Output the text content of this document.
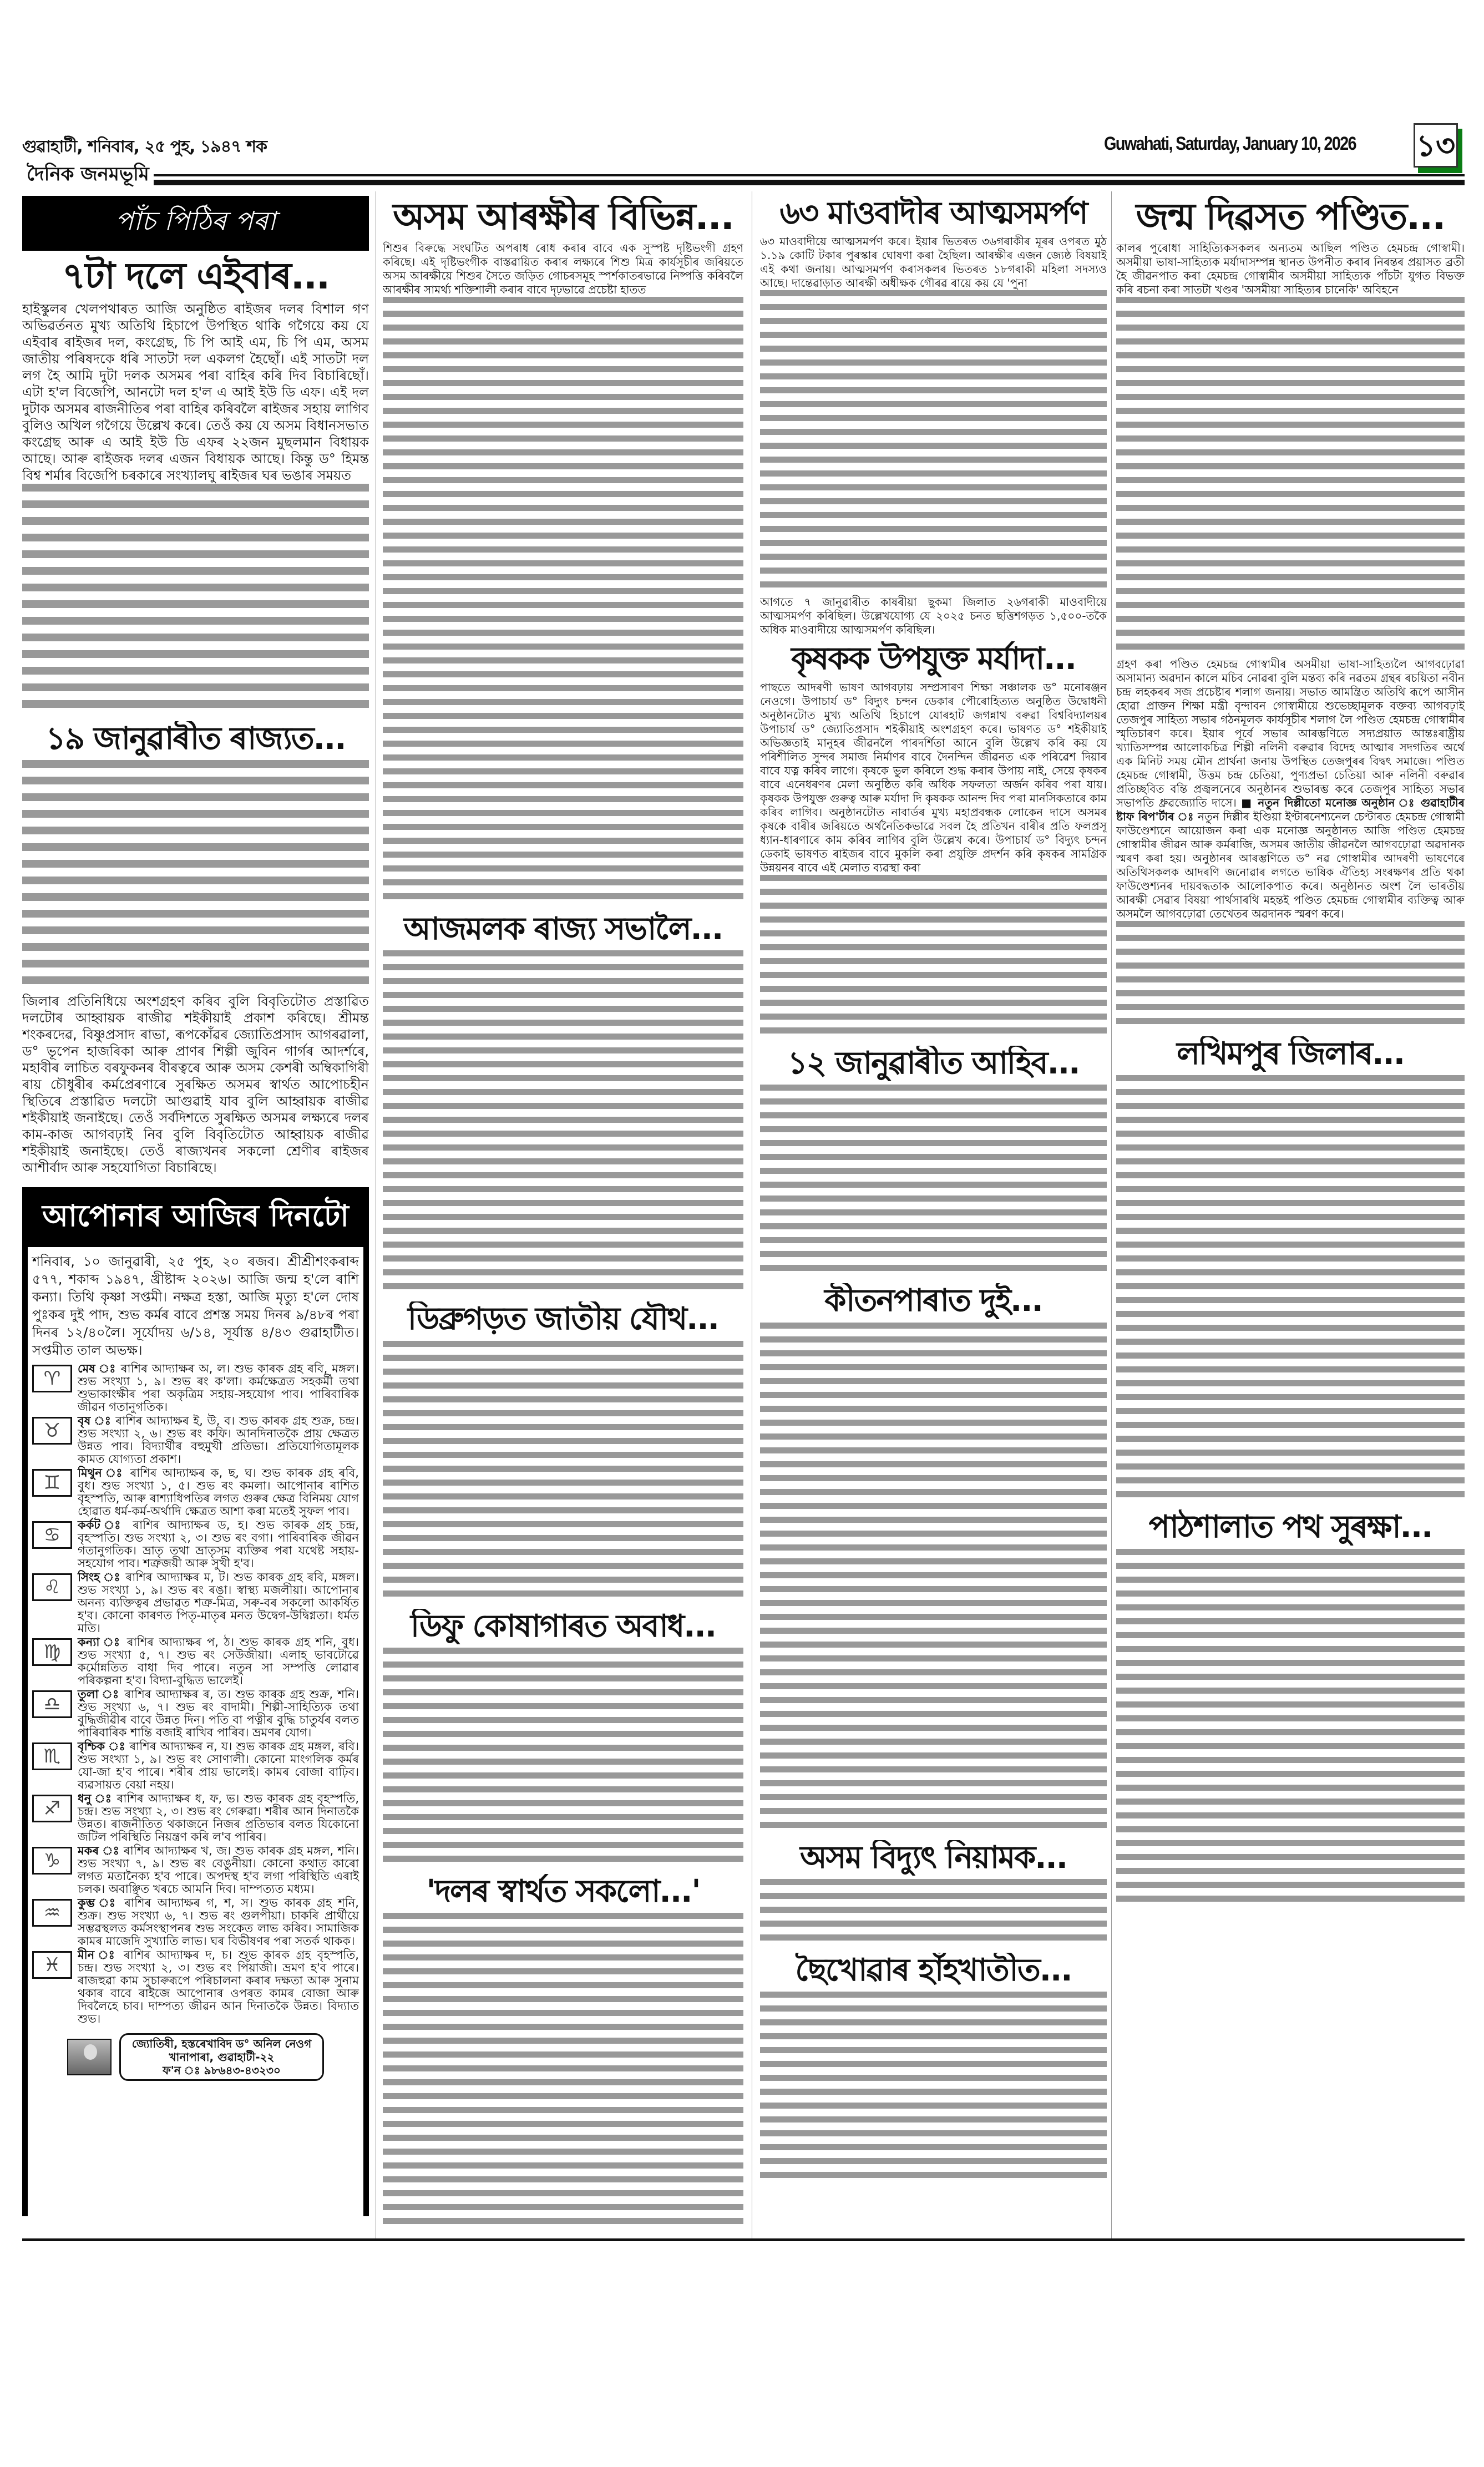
গুৱাহাটী, শনিবাৰ, ২৫ পুহ, ১৯৪৭ শক	Guwahati, Saturday, January 10, 2026 ১৩
দৈনিক জনমভূমি
পাঁচ পিঠিৰ পৰা
৭টা দলে এইবাৰ...

হাইস্কুলৰ খেলপথাৰত আজি অনুষ্ঠিত ৰাইজৰ দলৰ বিশাল গণ অভিৱৰ্তনত মুখ্য অতিথি হিচাপে উপস্থিত থাকি গগৈয়ে কয় যে এইবাৰ ৰাইজৰ দল, কংগ্ৰেছ, চি পি আই এম, চি পি এম, অসম জাতীয় পৰিষদকে ধৰি সাতটা দল একলগ হৈছোঁ। এই সাতটা দল লগ হৈ আমি দুটা দলক অসমৰ পৰা বাহিৰ কৰি দিব বিচাৰিছোঁ। এটা হ'ল বিজেপি, আনটো দল হ'ল এ আই ইউ ডি এফ। এই দল দুটাক অসমৰ ৰাজনীতিৰ পৰা বাহিৰ কৰিবলৈ ৰাইজৰ সহায় লাগিব বুলিও অখিল গগৈয়ে উল্লেখ কৰে। তেওঁ কয় যে অসম বিধানসভাত কংগ্ৰেছ আৰু এ আই ইউ ডি এফৰ ২২জন মুছলমান বিধায়ক আছে। আৰু ৰাইজক দলৰ এজন বিধায়ক আছে। কিন্তু ড° হিমন্ত বিশ্ব শৰ্মাৰ বিজেপি চৰকাৰে সংখ্যালঘু ৰাইজৰ ঘৰ ভঙাৰ সময়ত

১৯ জানুৱাৰীত ৰাজ্যত...

জিলাৰ প্ৰতিনিধিয়ে অংশগ্ৰহণ কৰিব বুলি বিবৃতিটোত প্ৰস্তাৱিত দলটোৰ আহ্বায়ক ৰাজীৱ শইকীয়াই প্ৰকাশ কৰিছে। শ্ৰীমন্ত শংকৰদেৱ, বিষ্ণুপ্ৰসাদ ৰাভা, ৰূপকোঁৱৰ জ্যোতিপ্ৰসাদ আগৰৱালা, ড° ভূপেন হাজৰিকা আৰু প্ৰাণৰ শিল্পী জুবিন গাৰ্গৰ আদৰ্শৰে, মহাবীৰ লাচিত বৰফুকনৰ বীৰত্বৰে আৰু অসম কেশৰী অম্বিকাগিৰী ৰায় চৌধুৰীৰ কৰ্মপ্ৰেৰণাৰে সুৰক্ষিত অসমৰ স্বাৰ্থত আপোচহীন স্থিতিৰে প্ৰস্তাৱিত দলটো আগুৱাই যাব বুলি আহ্বায়ক ৰাজীৱ শইকীয়াই জনাইছে। তেওঁ সৰ্বদিশতে সুৰক্ষিত অসমৰ লক্ষ্যৰে দলৰ কাম-কাজ আগবঢ়াই নিব বুলি বিবৃতিটোত আহ্বায়ক ৰাজীৱ শইকীয়াই জনাইছে। তেওঁ ৰাজ্যখনৰ সকলো শ্ৰেণীৰ ৰাইজৰ আশীৰ্বাদ আৰু সহযোগিতা বিচাৰিছে।

আপোনাৰ আজিৰ দিনটো

শনিবাৰ, ১০ জানুৱাৰী, ২৫ পুহ, ২০ ৰজব। শ্ৰীশ্ৰীশংকৰাব্দ ৫৭৭, শকাব্দ ১৯৪৭, খ্ৰীষ্টাব্দ ২০২৬। আজি জন্ম হ'লে ৰাশি কন্যা। তিথি কৃষ্ণা সপ্তমী। নক্ষত্ৰ হস্তা, আজি মৃত্যু হ'লে দোষ পুঃকৰ দুই পাদ, শুভ কৰ্মৰ বাবে প্ৰশস্ত সময় দিনৰ ৯/৪৮ৰ পৰা দিনৰ ১২/৪০লৈ। সূৰ্যোদয় ৬/১৪, সূৰ্যাস্ত ৪/৪৩ গুৱাহাটীত। সপ্তমীত তাল অভক্ষ।

♈	মেষ ঃ ৰাশিৰ আদ্যাক্ষৰ অ, ল। শুভ কাৰক গ্ৰহ ৰবি, মঙ্গল। শুভ সংখ্যা ১, ৯। শুভ ৰং ক'লা। কৰ্মক্ষেত্ৰত সহকৰ্মী তথা শুভাকাংক্ষীৰ পৰা অকৃত্ৰিম সহায়-সহযোগ পাব। পাৰিবাৰিক জীৱন গতানুগতিক।

♉	বৃষ ঃ ৰাশিৰ আদ্যাক্ষৰ ই, উ, ব। শুভ কাৰক গ্ৰহ শুক্ৰ, চন্দ্ৰ। শুভ সংখ্যা ২, ৬। শুভ ৰং কফি। আনদিনাতকৈ প্ৰায় ক্ষেত্ৰত উন্নত পাব। বিদ্যাৰ্থীৰ বহুমুখী প্ৰতিভা। প্ৰতিযোগিতামূলক কামত যোগ্যতা প্ৰকাশ।

♊	মিথুন ঃ ৰাশিৰ আদ্যাক্ষৰ ক, ছ, ঘ। শুভ কাৰক গ্ৰহ ৰবি, বুধ। শুভ সংখ্যা ১, ৫। শুভ ৰং কমলা। আপোনাৰ ৰাশিত বৃহস্পতি, আৰু ৰাশ্যাধিপতিৰ লগত গুৰুৰ ক্ষেত্ৰ বিনিময় যোগ হোৱাত ধৰ্ম-কৰ্ম-অৰ্থাদি ক্ষেত্ৰত আশা কৰা মতেই সুফল পাব।

♋	কৰ্কট ঃ ৰাশিৰ আদ্যাক্ষৰ ড, হ। শুভ কাৰক গ্ৰহ চন্দ্ৰ, বৃহস্পতি। শুভ সংখ্যা ২, ৩। শুভ ৰং বগা। পাৰিবাৰিক জীৱন গতানুগতিক। ভ্ৰাতৃ তথা ভ্ৰাতৃসম ব্যক্তিৰ পৰা যথেষ্ট সহায়-সহযোগ পাব। শত্ৰুজয়ী আৰু সুখী হ'ব।

♌	সিংহ ঃ ৰাশিৰ আদ্যাক্ষৰ ম, ট। শুভ কাৰক গ্ৰহ ৰবি, মঙ্গল। শুভ সংখ্যা ১, ৯। শুভ ৰং ৰঙা। স্বাস্থ্য মজলীয়া। আপোনাৰ অনন্য ব্যক্তিত্বৰ প্ৰভাৱত শত্ৰু-মিত্ৰ, সৰু-বৰ সকলো আকৰ্ষিত হ'ব। কোনো কাৰণত পিতৃ-মাতৃৰ মনত উদ্বেগ-উদ্বিগ্নতা। ধৰ্মত মতি।

♍	কন্যা ঃ ৰাশিৰ আদ্যাক্ষৰ প, ঠ। শুভ কাৰক গ্ৰহ শনি, বুধ। শুভ সংখ্যা ৫, ৭। শুভ ৰং সেউজীয়া। এলাহ ভাবটোৱে কৰ্মোন্নতিত বাধা দিব পাৰে। নতুন সা সম্পত্তি লোৱাৰ পৰিকল্পনা হ'ব। বিদ্যা-বুদ্ধিত ভালেই।

♎	তুলা ঃ ৰাশিৰ আদ্যাক্ষৰ ৰ, ত। শুভ কাৰক গ্ৰহ শুক্ৰ, শনি। শুভ সংখ্যা ৬, ৭। শুভ ৰং বাদামী। শিল্পী-সাহিত্যিক তথা বুদ্ধিজীৱীৰ বাবে উন্নত দিন। পতি বা পত্নীৰ বুদ্ধি চাতুৰ্যৰ বলত পাৰিবাৰিক শান্তি বজাই ৰাখিব পাৰিব। ভ্ৰমণৰ যোগ।

♏	বৃশ্চিক ঃ ৰাশিৰ আদ্যাক্ষৰ ন, য। শুভ কাৰক গ্ৰহ মঙ্গল, ৰবি। শুভ সংখ্যা ১, ৯। শুভ ৰং সোণালী। কোনো মাংগলিক কৰ্মৰ যো-জা হ'ব পাৰে। শৰীৰ প্ৰায় ভালেই। কামৰ বোজা বাঢ়িব। ব্যৱসায়ত বেয়া নহয়।

♐	ধনু ঃ ৰাশিৰ আদ্যাক্ষৰ ধ, ফ, ভ। শুভ কাৰক গ্ৰহ বৃহস্পতি, চন্দ্ৰ। শুভ সংখ্যা ২, ৩। শুভ ৰং গেৰুৱা। শৰীৰ আন দিনাতকৈ উন্নত। ৰাজনীতিত থকাজনে নিজৰ প্ৰতিভাৰ বলত যিকোনো জটিল পৰিস্থিতি নিয়ন্ত্ৰণ কৰি ল'ব পাৰিব।

♑	মকৰ ঃ ৰাশিৰ আদ্যাক্ষৰ খ, জ। শুভ কাৰক গ্ৰহ মঙ্গল, শনি। শুভ সংখ্যা ৭, ৯। শুভ ৰং বেঙুনীয়া। কোনো কথাত কাৰো লগত মতানৈক্য হ'ব পাৰে। অপদস্থ হ'ব লগা পৰিস্থিতি এৰাই চলক। অবাঞ্ছিত খৰচে আমনি দিব। দাম্পত্যত মধ্যম।

♒	কুম্ভ ঃ ৰাশিৰ আদ্যাক্ষৰ গ, শ, স। শুভ কাৰক গ্ৰহ শনি, শুক্ৰ। শুভ সংখ্যা ৬, ৭। শুভ ৰং গুলপীয়া। চাকৰি প্ৰাৰ্থীয়ে সম্ভৱস্থলত কৰ্মসংস্থাপনৰ শুভ সংকেত লাভ কৰিব। সামাজিক কামৰ মাজেদি সুখ্যাতি লাভ। ঘৰ বিভীষণৰ পৰা সতৰ্ক থাকক।

♓	মীন ঃ ৰাশিৰ আদ্যাক্ষৰ দ, চ। শুভ কাৰক গ্ৰহ বৃহস্পতি, চন্দ্ৰ। শুভ সংখ্যা ২, ৩। শুভ ৰং পিঁয়াজী। ভ্ৰমণ হ'ব পাৰে। ৰাজহুৱা কাম সুচাৰুৰূপে পৰিচালনা কৰাৰ দক্ষতা আৰু সুনাম থকাৰ বাবে ৰাইজে আপোনাৰ ওপৰত কামৰ বোজা আৰু দিবলৈহে চাব। দাম্পত্য জীৱন আন দিনাতকৈ উন্নত। বিদ্যাত শুভ।

জ্যোতিষী, হস্তৰেখাবিদ ড° অনিল নেওগ
খানাপাৰা, গুৱাহাটী-২২
ফ'ন ঃ ৯৮৬৪৩-৪৩২৩০
অসম আৰক্ষীৰ বিভিন্ন...

শিশুৰ বিৰুদ্ধে সংঘটিত অপৰাধ ৰোধ কৰাৰ বাবে এক সুস্পষ্ট দৃষ্টিভংগী গ্ৰহণ কৰিছে। এই দৃষ্টিভংগীক বাস্তৱায়িত কৰাৰ লক্ষ্যৰে শিশু মিত্ৰ কাৰ্যসূচীৰ জৰিয়তে অসম আৰক্ষীয়ে শিশুৰ সৈতে জড়িত গোচৰসমূহ স্পৰ্শকাতৰভাৱে নিষ্পত্তি কৰিবলৈ আৰক্ষীৰ সামৰ্থ্য শক্তিশালী কৰাৰ বাবে দৃঢ়ভাৱে প্ৰচেষ্টা হাতত

আজমলক ৰাজ্য সভালৈ...
ডিব্ৰুগড়ত জাতীয় যৌথ...
ডিফু কোষাগাৰত অবাধ...
'দলৰ স্বাৰ্থত সকলো...'
৬৩ মাওবাদীৰ আত্মসমৰ্পণ

৬৩ মাওবাদীয়ে আত্মসমৰ্পণ কৰে। ইয়াৰ ভিতৰত ৩৬গৰাকীৰ মূৰৰ ওপৰত মুঠ ১.১৯ কোটি টকাৰ পুৰস্কাৰ ঘোষণা কৰা হৈছিল। আৰক্ষীৰ এজন জ্যেষ্ঠ বিষয়াই এই কথা জনায়। আত্মসমৰ্পণ কৰাসকলৰ ভিতৰত ১৮গৰাকী মহিলা সদস্যও আছে। দান্তেৱাড়াত আৰক্ষী অধীক্ষক গৌৰৱ ৰায়ে কয় যে 'পুনা

আগতে ৭ জানুৱাৰীত কাষৰীয়া ছুকমা জিলাত ২৬গৰাকী মাওবাদীয়ে আত্মসমৰ্পণ কৰিছিল। উল্লেখযোগ্য যে ২০২৫ চনত ছত্তিশগড়ত ১,৫০০-তকৈ অধিক মাওবাদীয়ে আত্মসমৰ্পণ কৰিছিল।

কৃষকক উপযুক্ত মৰ্যাদা...

পাছতে আদৰণী ভাষণ আগবঢ়ায় সম্প্ৰসাৰণ শিক্ষা সঞ্চালক ড° মনোৰঞ্জন নেওগে। উপাচাৰ্য ড° বিদ্যুৎ চন্দন ডেকাৰ পৌৰোহিত্যত অনুষ্ঠিত উদ্বোধনী অনুষ্ঠানটোত মুখ্য অতিথি হিচাপে যোৰহাট জগন্নাথ বৰুৱা বিশ্ববিদ্যালয়ৰ উপাচাৰ্য ড° জ্যোতিপ্ৰসাদ শইকীয়াই অংশগ্ৰহণ কৰে। ভাষণত ড° শইকীয়াই অভিজ্ঞতাই মানুহৰ জীৱনলৈ পাৰদৰ্শিতা আনে বুলি উল্লেখ কৰি কয় যে পৰিশীলিত সুন্দৰ সমাজ নিৰ্মাণৰ বাবে দৈনন্দিন জীৱনত এক পৰিৱেশ দিয়াৰ বাবে যত্ন কৰিব লাগে। কৃষকে ভুল কৰিলে শুদ্ধ কৰাৰ উপায় নাই, সেয়ে কৃষকৰ বাবে এনেধৰণৰ মেলা অনুষ্ঠিত কৰি অধিক সফলতা অৰ্জন কৰিব পৰা যায়। কৃষকক উপযুক্ত গুৰুত্ব আৰু মৰ্যাদা দি কৃষকক আনন্দ দিব পৰা মানসিকতাৰে কাম কৰিব লাগিব। অনুষ্ঠানটোত নাবাৰ্ডৰ মুখ্য মহাপ্ৰবন্ধক লোকেন দাসে অসমৰ কৃষকে বাৰীৰ জৰিয়তে অৰ্থনৈতিকভাৱে সবল হৈ প্ৰতিখন বাৰীৰ প্ৰতি ফলপ্ৰসূ ধ্যান-ধাৰণাৰে কাম কৰিব লাগিব বুলি উল্লেখ কৰে। উপাচাৰ্য ড° বিদ্যুৎ চন্দন ডেকাই ভাষণত ৰাইজৰ বাবে মুকলি কৰা প্ৰযুক্তি প্ৰদৰ্শন কৰি কৃষকৰ সামগ্ৰিক উন্নয়নৰ বাবে এই মেলাত ব্যৱস্থা কৰা

১২ জানুৱাৰীত আহিব...
কীতনপাৰাত দুই...
অসম বিদ্যুৎ নিয়ামক...
ছৈখোৱাৰ হাঁহখাতীত...
জন্ম দিৱসত পণ্ডিত...

কালৰ পুৰোধা সাহিত্যিকসকলৰ অন্যতম আছিল পণ্ডিত হেমচন্দ্ৰ গোস্বামী। অসমীয়া ভাষা-সাহিত্যক মৰ্যাদাসম্পন্ন স্থানত উপনীত কৰাৰ নিৰন্তৰ প্ৰয়াসত ব্ৰতী হৈ জীৱনপাত কৰা হেমচন্দ্ৰ গোস্বামীৰ অসমীয়া সাহিত্যক পাঁচটা যুগত বিভক্ত কৰি ৰচনা কৰা সাতটা খণ্ডৰ 'অসমীয়া সাহিত্যৰ চানেকি' অবিহনে

গ্ৰহণ কৰা পণ্ডিত হেমচন্দ্ৰ গোস্বামীৰ অসমীয়া ভাষা-সাহিত্যলৈ আগবঢ়োৱা অসামান্য অৱদান কালে মচিব নোৱৰা বুলি মন্তব্য কৰি নৱতম গ্ৰন্থৰ ৰচয়িতা নবীন চন্দ্ৰ লহকৰৰ সজ প্ৰচেষ্টাৰ শলাগ জনায়। সভাত আমন্ত্ৰিত অতিথি ৰূপে আসীন হোৱা প্ৰাক্তন শিক্ষা মন্ত্ৰী বৃন্দাবন গোস্বামীয়ে শুভেচ্ছামূলক বক্তব্য আগবঢ়াই তেজপুৰ সাহিত্য সভাৰ গঠনমূলক কাৰ্যসূচীৰ শলাগ লৈ পণ্ডিত হেমচন্দ্ৰ গোস্বামীৰ স্মৃতিচাৰণ কৰে। ইয়াৰ পূৰ্বে সভাৰ আৰম্ভণিতে সদ্যপ্ৰয়াত আন্তঃৰাষ্ট্ৰীয় খ্যাতিসম্পন্ন আলোকচিত্ৰ শিল্পী নলিনী বৰুৱাৰ বিদেহ আত্মাৰ সদগতিৰ অৰ্থে এক মিনিট সময় মৌন প্ৰাৰ্থনা জনায় উপস্থিত তেজপুৰৰ বিদ্বৎ সমাজে। পণ্ডিত হেমচন্দ্ৰ গোস্বামী, উত্তম চন্দ্ৰ চেতিয়া, পুণ্যপ্ৰভা চেতিয়া আৰু নলিনী বৰুৱাৰ প্ৰতিচ্ছবিত বন্তি প্ৰজ্বলনেৰে অনুষ্ঠানৰ শুভাৰম্ভ কৰে তেজপুৰ সাহিত্য সভাৰ সভাপতি ধ্ৰুৱজ্যোতি দাসে। ■ নতুন দিল্লীতো মনোজ্ঞ অনুষ্ঠান ঃ গুৱাহাটীৰ ষ্টাফ ৰিপ'ৰ্টাৰ ঃ নতুন দিল্লীৰ ইণ্ডিয়া ইণ্টাৰনেশ্যনেল চেণ্টাৰত হেমচন্দ্ৰ গোস্বামী ফাউণ্ডেশ্যনে আয়োজন কৰা এক মনোজ্ঞ অনুষ্ঠানত আজি পণ্ডিত হেমচন্দ্ৰ গোস্বামীৰ জীৱন আৰু কৰ্মৰাজি, অসমৰ জাতীয় জীৱনলৈ আগবঢ়োৱা অৱদানক স্মৰণ কৰা হয়। অনুষ্ঠানৰ আৰম্ভণিতে ড° নৱ গোস্বামীৰ আদৰণী ভাষণেৰে অতিথিসকলক আদৰণি জনোৱাৰ লগতে ভাষিক ঐতিহ্য সংৰক্ষণৰ প্ৰতি থকা ফাউণ্ডেশ্যনৰ দায়বদ্ধতাক আলোকপাত কৰে। অনুষ্ঠানত অংশ লৈ ভাৰতীয় আৰক্ষী সেৱাৰ বিষয়া পাৰ্থসাৰথি মহন্তই পণ্ডিত হেমচন্দ্ৰ গোস্বামীৰ ব্যক্তিত্ব আৰু অসমলৈ আগবঢ়োৱা তেখেতৰ অৱদানক স্মৰণ কৰে।

লখিমপুৰ জিলাৰ...
পাঠশালাত পথ সুৰক্ষা...
